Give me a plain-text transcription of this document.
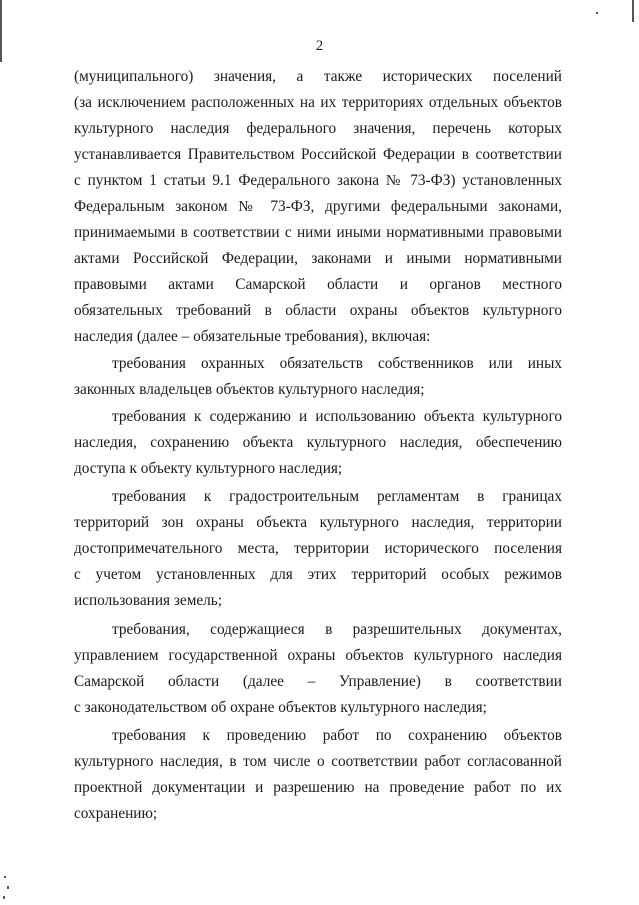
2
(муниципального) значения, а также исторических поселений
(за исключением расположенных на их территориях отдельных объектов
культурного наследия федерального значения, перечень которых
устанавливается Правительством Российской Федерации в соответствии
с пунктом 1 статьи 9.1 Федерального закона № 73-ФЗ) установленных
Федеральным законом № 73-ФЗ, другими федеральными законами,
принимаемыми в соответствии с ними иными нормативными правовыми
актами Российской Федерации, законами и иными нормативными
правовыми актами Самарской области и органов местного
обязательных требований в области охраны объектов культурного
наследия (далее – обязательные требования), включая:
требования охранных обязательств собственников или иных
законных владельцев объектов культурного наследия;
требования к содержанию и использованию объекта культурного
наследия, сохранению объекта культурного наследия, обеспечению
доступа к объекту культурного наследия;
требования к градостроительным регламентам в границах
территорий зон охраны объекта культурного наследия, территории
достопримечательного места, территории исторического поселения
с учетом установленных для этих территорий особых режимов
использования земель;
требования, содержащиеся в разрешительных документах,
управлением государственной охраны объектов культурного наследия
Самарской области (далее – Управление) в соответствии
с законодательством об охране объектов культурного наследия;
требования к проведению работ по сохранению объектов
культурного наследия, в том числе о соответствии работ согласованной
проектной документации и разрешению на проведение работ по их
сохранению;
